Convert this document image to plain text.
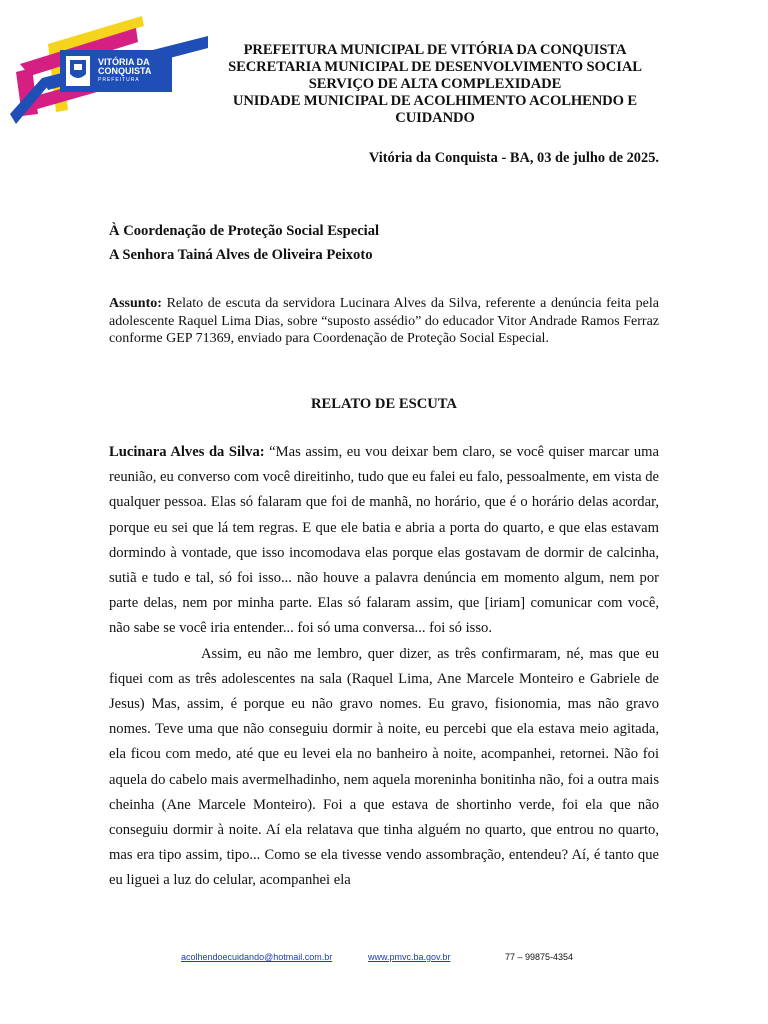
VITÓRIA DA
CONQUISTA
PREFEITURA
PREFEITURA MUNICIPAL DE VITÓRIA DA CONQUISTA
SECRETARIA MUNICIPAL DE DESENVOLVIMENTO SOCIAL
SERVIÇO DE ALTA COMPLEXIDADE
UNIDADE MUNICIPAL DE ACOLHIMENTO ACOLHENDO E
CUIDANDO
Vitória da Conquista - BA, 03 de julho de 2025.
À Coordenação de Proteção Social Especial
A Senhora Tainá Alves de Oliveira Peixoto
Assunto: Relato de escuta da servidora Lucinara Alves da Silva, referente a denúncia feita pela adolescente Raquel Lima Dias, sobre “suposto assédio” do educador Vitor Andrade Ramos Ferraz conforme GEP 71369, enviado para Coordenação de Proteção Social Especial.
RELATO DE ESCUTA

Lucinara Alves da Silva: “Mas assim, eu vou deixar bem claro, se você quiser marcar uma reunião, eu converso com você direitinho, tudo que eu falei eu falo, pessoalmente, em vista de qualquer pessoa. Elas só falaram que foi de manhã, no horário, que é o horário delas acordar, porque eu sei que lá tem regras. E que ele batia e abria a porta do quarto, e que elas estavam dormindo à vontade, que isso incomodava elas porque elas gostavam de dormir de calcinha, sutiã e tudo e tal, só foi isso... não houve a palavra denúncia em momento algum, nem por parte delas, nem por minha parte. Elas só falaram assim, que [iriam] comunicar com você, não sabe se você iria entender... foi só uma conversa... foi só isso.

Assim, eu não me lembro, quer dizer, as três confirmaram, né, mas que eu fiquei com as três adolescentes na sala (Raquel Lima, Ane Marcele Monteiro e Gabriele de Jesus) Mas, assim, é porque eu não gravo nomes. Eu gravo, fisionomia, mas não gravo nomes. Teve uma que não conseguiu dormir à noite, eu percebi que ela estava meio agitada, ela ficou com medo, até que eu levei ela no banheiro à noite, acompanhei, retornei. Não foi aquela do cabelo mais avermelhadinho, nem aquela moreninha bonitinha não, foi a outra mais cheinha (Ane Marcele Monteiro). Foi a que estava de shortinho verde, foi ela que não conseguiu dormir à noite. Aí ela relatava que tinha alguém no quarto, que entrou no quarto, mas era tipo assim, tipo... Como se ela tivesse vendo assombração, entendeu? Aí, é tanto que eu liguei a luz do celular, acompanhei ela

acolhendoecuidando@hotmail.com.br	www.pmvc.ba.gov.br	77 – 99875-4354
